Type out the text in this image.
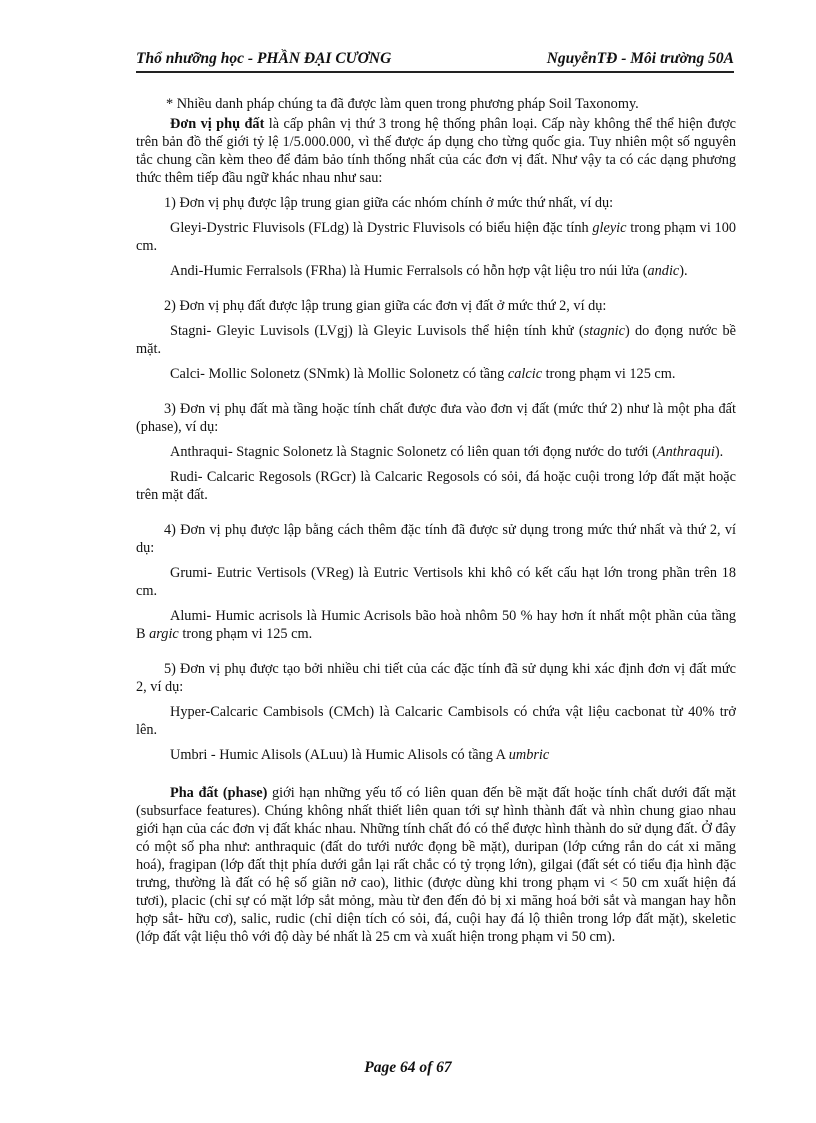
Thổ nhưỡng học - PHẦN ĐẠI CƯƠNG	NguyễnTĐ - Môi trường 50A

* Nhiều danh pháp chúng ta đã được làm quen trong phương pháp Soil Taxonomy.

Đơn vị phụ đất là cấp phân vị thứ 3 trong hệ thống phân loại. Cấp này không thể thể hiện được trên bản đồ thế giới tỷ lệ 1/5.000.000, vì thế được áp dụng cho từng quốc gia. Tuy nhiên một số nguyên tắc chung cần kèm theo để đảm bảo tính thống nhất của các đơn vị đất. Như vậy ta có các dạng phương thức thêm tiếp đầu ngữ khác nhau như sau:

1) Đơn vị phụ được lập trung gian giữa các nhóm chính ở mức thứ nhất, ví dụ:

Gleyi-Dystric Fluvisols (FLdg) là Dystric Fluvisols có biểu hiện đặc tính gleyic trong phạm vi 100 cm.

Andi-Humic Ferralsols (FRha) là Humic Ferralsols có hỗn hợp vật liệu tro núi lửa (andic).

2) Đơn vị phụ đất được lập trung gian giữa các đơn vị đất ở mức thứ 2, ví dụ:

Stagni- Gleyic Luvisols (LVgj) là Gleyic Luvisols thể hiện tính khử (stagnic) do đọng nước bề mặt.

Calci- Mollic Solonetz (SNmk) là Mollic Solonetz có tầng calcic trong phạm vi 125 cm.

3) Đơn vị phụ đất mà tầng hoặc tính chất được đưa vào đơn vị đất (mức thứ 2) như là một pha đất (phase), ví dụ:

Anthraqui- Stagnic Solonetz là Stagnic Solonetz có liên quan tới đọng nước do tưới (Anthraqui).

Rudi- Calcaric Regosols (RGcr) là Calcaric Regosols có sỏi, đá hoặc cuội trong lớp đất mặt hoặc trên mặt đất.

4) Đơn vị phụ được lập bằng cách thêm đặc tính đã được sử dụng trong mức thứ nhất và thứ 2, ví dụ:

Grumi- Eutric Vertisols (VReg) là Eutric Vertisols khi khô có kết cấu hạt lớn trong phần trên 18 cm.

Alumi- Humic acrisols là Humic Acrisols bão hoà nhôm 50 % hay hơn ít nhất một phần của tầng B argic trong phạm vi 125 cm.

5) Đơn vị phụ được tạo bởi nhiều chi tiết của các đặc tính đã sử dụng khi xác định đơn vị đất mức 2, ví dụ:

Hyper-Calcaric Cambisols (CMch) là Calcaric Cambisols có chứa vật liệu cacbonat từ 40% trở lên.

Umbri - Humic Alisols (ALuu) là Humic Alisols có tầng A umbric

Pha đất (phase) giới hạn những yếu tố có liên quan đến bề mặt đất hoặc tính chất dưới đất mặt (subsurface features). Chúng không nhất thiết liên quan tới sự hình thành đất và nhìn chung giao nhau giới hạn của các đơn vị đất khác nhau. Những tính chất đó có thể được hình thành do sử dụng đất. Ở đây có một số pha như: anthraquic (đất do tưới nước đọng bề mặt), duripan (lớp cứng rắn do cát xi măng hoá), fragipan (lớp đất thịt phía dưới gắn lại rất chắc có tỷ trọng lớn), gilgai (đất sét có tiểu địa hình đặc trưng, thường là đất có hệ số giãn nở cao), lithic (được dùng khi trong phạm vi < 50 cm xuất hiện đá tươi), placic (chỉ sự có mặt lớp sắt mỏng, màu từ đen đến đỏ bị xi măng hoá bởi sắt và mangan hay hỗn hợp sắt- hữu cơ), salic, rudic (chỉ diện tích có sỏi, đá, cuội hay đá lộ thiên trong lớp đất mặt), skeletic (lớp đất vật liệu thô với độ dày bé nhất là 25 cm và xuất hiện trong phạm vi 50 cm).

Page 64 of 67
